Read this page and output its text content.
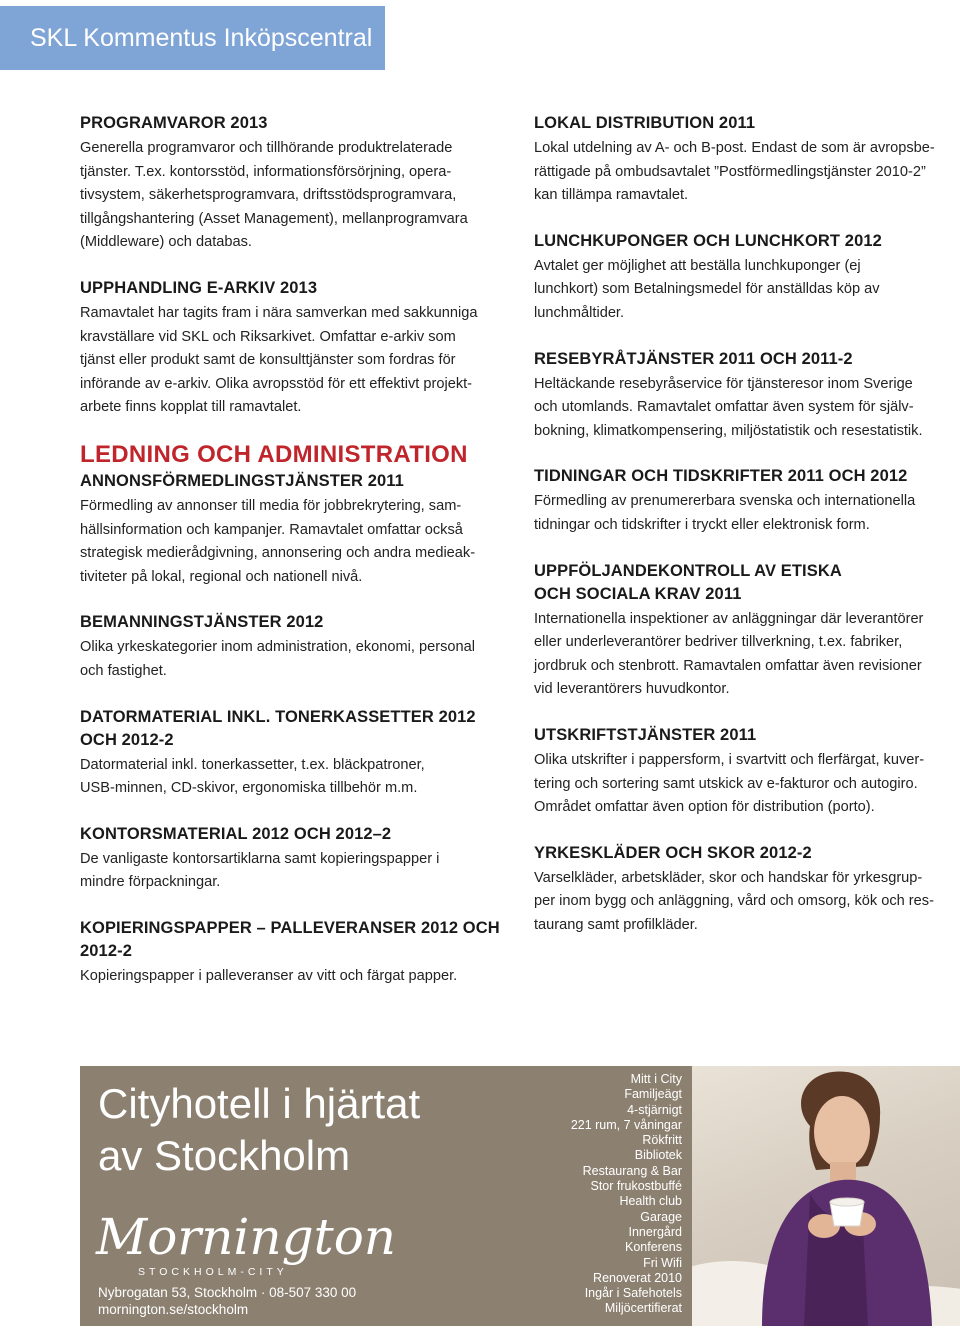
SKL Kommentus Inköpscentral
PROGRAMVAROR 2013

Generella programvaror och tillhörande produktrelaterade
tjänster. T.ex. kontorsstöd, informationsförsörjning, opera-
tivsystem, säkerhetsprogramvara, driftsstödsprogramvara,
tillgångshantering (Asset Management), mellanprogramvara
(Middleware) och databas.

UPPHANDLING E-ARKIV 2013

Ramavtalet har tagits fram i nära samverkan med sakkunniga
kravställare vid SKL och Riksarkivet. Omfattar e-arkiv som
tjänst eller produkt samt de konsulttjänster som fordras för
införande av e-arkiv. Olika avropsstöd för ett effektivt projekt-
arbete finns kopplat till ramavtalet.

LEDNING OCH ADMINISTRATION
ANNONSFÖRMEDLINGSTJÄNSTER 2011

Förmedling av annonser till media för jobbrekrytering, sam-
hällsinformation och kampanjer. Ramavtalet omfattar också
strategisk medierådgivning, annonsering och andra medieak-
tiviteter på lokal, regional och nationell nivå.

BEMANNINGSTJÄNSTER 2012

Olika yrkeskategorier inom administration, ekonomi, personal
och fastighet.

DATORMATERIAL INKL. TONERKASSETTER 2012
OCH 2012-2

Datormaterial inkl. tonerkassetter, t.ex. bläckpatroner,
USB-minnen, CD-skivor, ergonomiska tillbehör m.m.

KONTORSMATERIAL 2012 OCH 2012–2

De vanligaste kontorsartiklarna samt kopieringspapper i
mindre förpackningar.

KOPIERINGSPAPPER – PALLEVERANSER 2012 OCH
2012-2

Kopieringspapper i palleveranser av vitt och färgat papper.

LOKAL DISTRIBUTION 2011

Lokal utdelning av A- och B-post. Endast de som är avropsbe-
rättigade på ombudsavtalet ”Postförmedlingstjänster 2010-2”
kan tillämpa ramavtalet.

LUNCHKUPONGER OCH LUNCHKORT 2012

Avtalet ger möjlighet att beställa lunchkuponger (ej
lunchkort) som Betalningsmedel för anställdas köp av
lunchmåltider.

RESEBYRÅTJÄNSTER 2011 OCH 2011-2

Heltäckande resebyråservice för tjänsteresor inom Sverige
och utomlands. Ramavtalet omfattar även system för själv-
bokning, klimatkompensering, miljöstatistik och resestatistik.

TIDNINGAR OCH TIDSKRIFTER 2011 OCH 2012

Förmedling av prenumererbara svenska och internationella
tidningar och tidskrifter i tryckt eller elektronisk form.

UPPFÖLJANDEKONTROLL AV ETISKA
OCH SOCIALA KRAV 2011

Internationella inspektioner av anläggningar där leverantörer
eller underleverantörer bedriver tillverkning, t.ex. fabriker,
jordbruk och stenbrott. Ramavtalen omfattar även revisioner
vid leverantörers huvudkontor.

UTSKRIFTSTJÄNSTER 2011

Olika utskrifter i pappersform, i svartvitt och flerfärgat, kuver-
tering och sortering samt utskick av e-fakturor och autogiro.
Området omfattar även option för distribution (porto).

YRKESKLÄDER OCH SKOR 2012-2

Varselkläder, arbetskläder, skor och handskar för yrkesgrup-
per inom bygg och anläggning, vård och omsorg, kök och res-
taurang samt profilkläder.

Cityhotell i hjärtat
av Stockholm
Mornington
STOCKHOLM-CITY
Nybrogatan 53, Stockholm · 08-507 330 00
mornington.se/stockholm
Mitt i City
Familjeägt
4-stjärnigt
221 rum, 7 våningar
Rökfritt
Bibliotek
Restaurang & Bar
Stor frukostbuffé
Health club
Garage
Innergård
Konferens
Fri Wifi
Renoverat 2010
Ingår i Safehotels
Miljöcertifierat
